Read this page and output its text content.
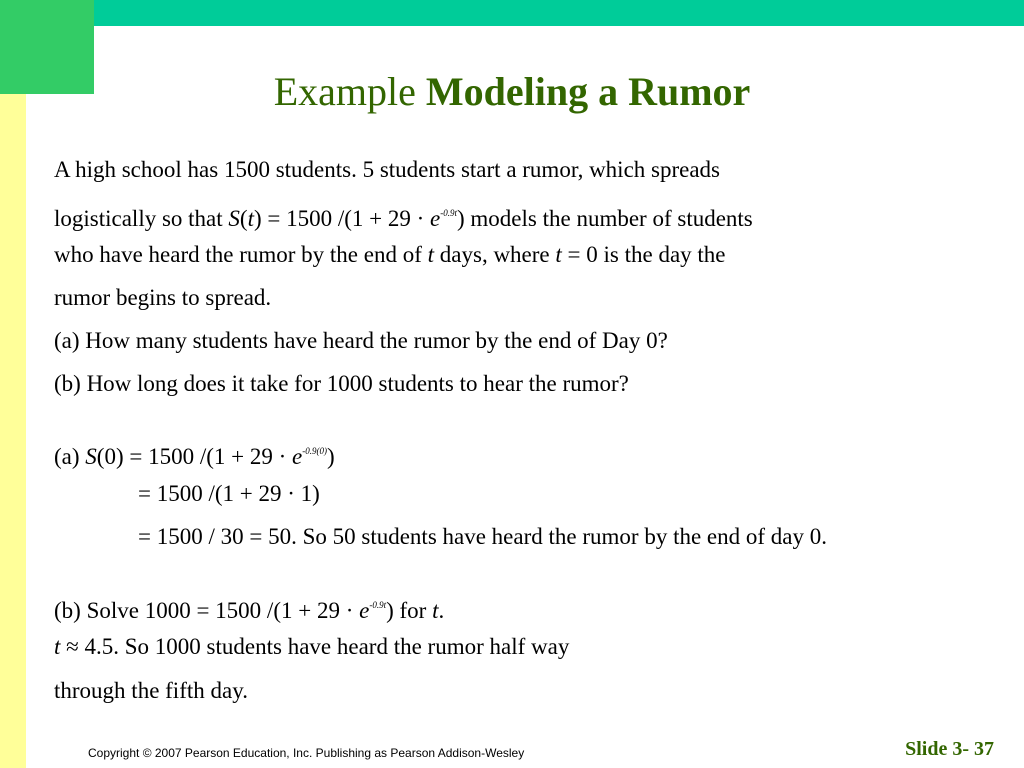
Example Modeling a Rumor
A high school has 1500 students. 5 students start a rumor, which spreads
logistically so that S(t) = 1500 $/(1 + 29 \cdot e^{-0.9t})$ models the number of students
who have heard the rumor by the end of t days, where t = 0 is the day the
rumor begins to spread.
(a) How many students have heard the rumor by the end of Day 0?
(b) How long does it take for 1000 students to hear the rumor?
(a) S(0) = 1500 $/(1 + 29 \cdot e^{-0.9(0)})$
= 1500 /(1 + 29 · 1)
= 1500 / 30 = 50. So 50 students have heard the rumor by the end of day 0.
(b) Solve 1000 = 1500 $/(1 + 29 \cdot e^{-0.9t})$ for t.
t ≈ 4.5. So 1000 students have heard the rumor half way
through the fifth day.
Copyright © 2007 Pearson Education, Inc. Publishing as Pearson Addison-Wesley	Slide 3- 37
